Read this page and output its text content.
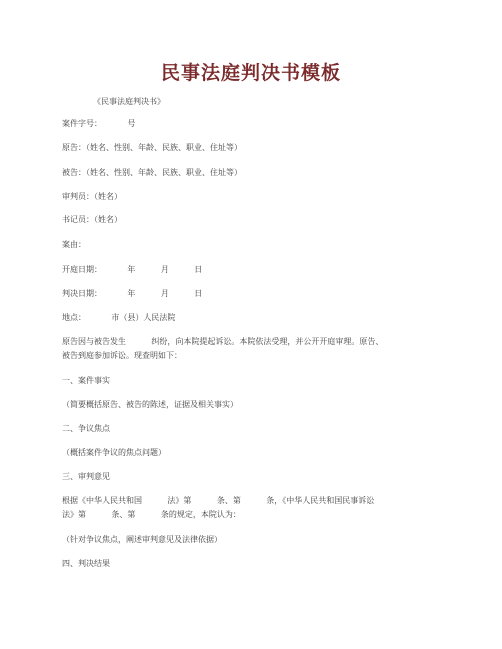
民事法庭判决书模板
《民事法庭判决书》
案件字号：          号
原告：（姓名、性别、年龄、民族、职业、住址等）
被告：（姓名、性别、年龄、民族、职业、住址等）
审判员：（姓名）
书记员：（姓名）
案由：
开庭日期：          年          月          日
判决日期：          年          月          日
地点：          市（县）人民法院
原告因与被告发生          纠纷，向本院提起诉讼。本院依法受理，并公开开庭审理。原告、
被告到庭参加诉讼。现查明如下：
一、案件事实
（简要概括原告、被告的陈述，证据及相关事实）
二、争议焦点
（概括案件争议的焦点问题）
三、审判意见
根据《中华人民共和国          法》第          条、第          条，《中华人民共和国民事诉讼
法》第          条、第          条的规定，本院认为：
（针对争议焦点，阐述审判意见及法律依据）
四、判决结果
